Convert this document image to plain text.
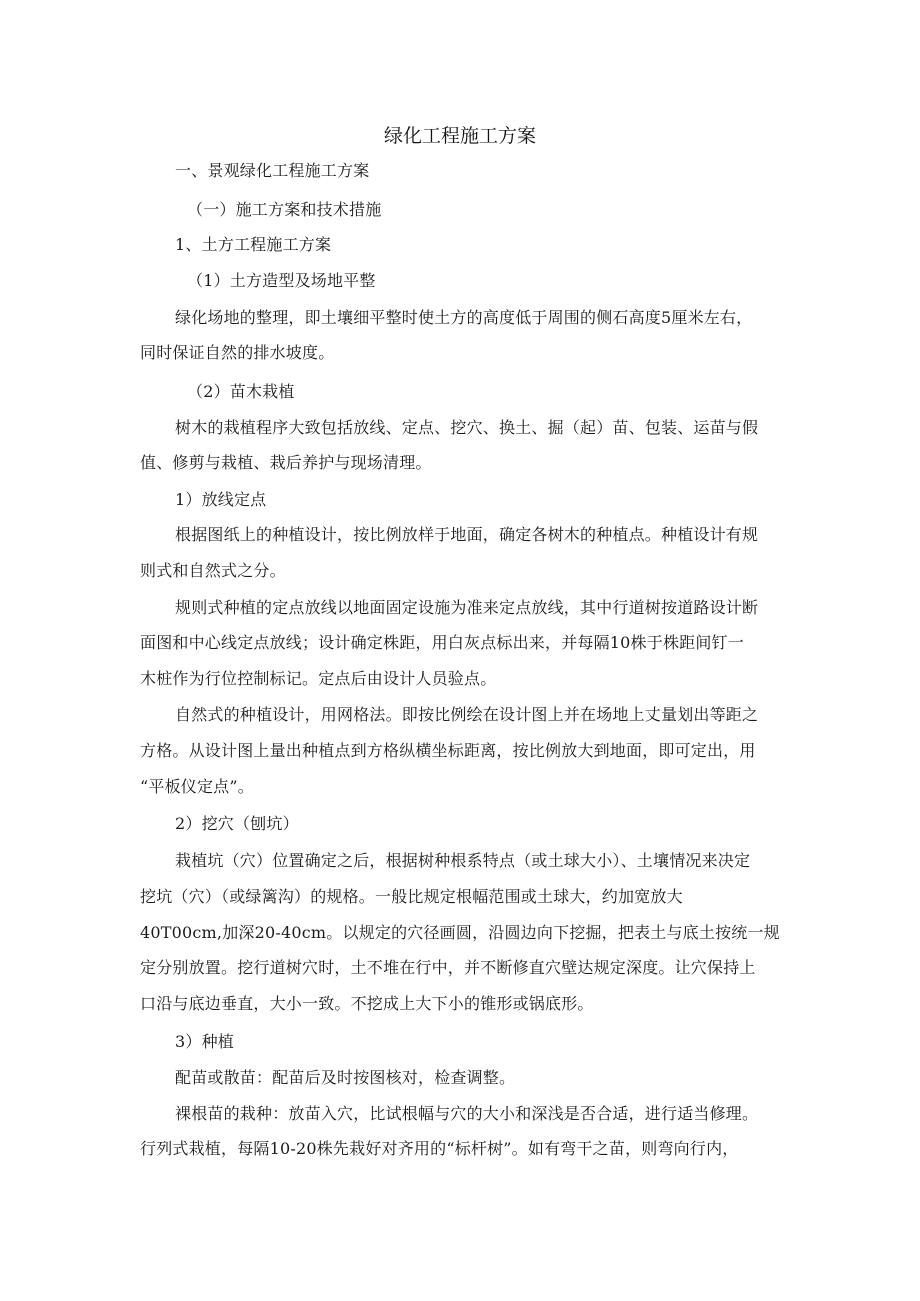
绿化工程施工方案
一、景观绿化工程施工方案
（一）施工方案和技术措施
1、土方工程施工方案
（1）土方造型及场地平整
绿化场地的整理，即土壤细平整时使土方的高度低于周围的侧石高度5厘米左右，
同时保证自然的排水坡度。
（2）苗木栽植
树木的栽植程序大致包括放线、定点、挖穴、换土、掘（起）苗、包装、运苗与假
值、修剪与栽植、栽后养护与现场清理。
1）放线定点
根据图纸上的种植设计，按比例放样于地面，确定各树木的种植点。种植设计有规
则式和自然式之分。
规则式种植的定点放线以地面固定设施为准来定点放线，其中行道树按道路设计断
面图和中心线定点放线；设计确定株距，用白灰点标出来，并每隔10株于株距间钉一
木桩作为行位控制标记。定点后由设计人员验点。
自然式的种植设计，用网格法。即按比例绘在设计图上并在场地上丈量划出等距之
方格。从设计图上量出种植点到方格纵横坐标距离，按比例放大到地面，即可定出，用
“平板仪定点”。
2）挖穴（刨坑）
栽植坑（穴）位置确定之后，根据树种根系特点（或土球大小）、土壤情况来决定
挖坑（穴）（或绿篱沟）的规格。一般比规定根幅范围或土球大，约加宽放大
40T00cm,加深20-40cm。以规定的穴径画圆，沿圆边向下挖掘，把表土与底土按统一规
定分别放置。挖行道树穴时，土不堆在行中，并不断修直穴壁达规定深度。让穴保持上
口沿与底边垂直，大小一致。不挖成上大下小的锥形或锅底形。
3）种植
配苗或散苗：配苗后及时按图核对，检查调整。
裸根苗的栽种：放苗入穴，比试根幅与穴的大小和深浅是否合适，进行适当修理。
行列式栽植，每隔10-20株先栽好对齐用的“标杆树”。如有弯干之苗，则弯向行内，
